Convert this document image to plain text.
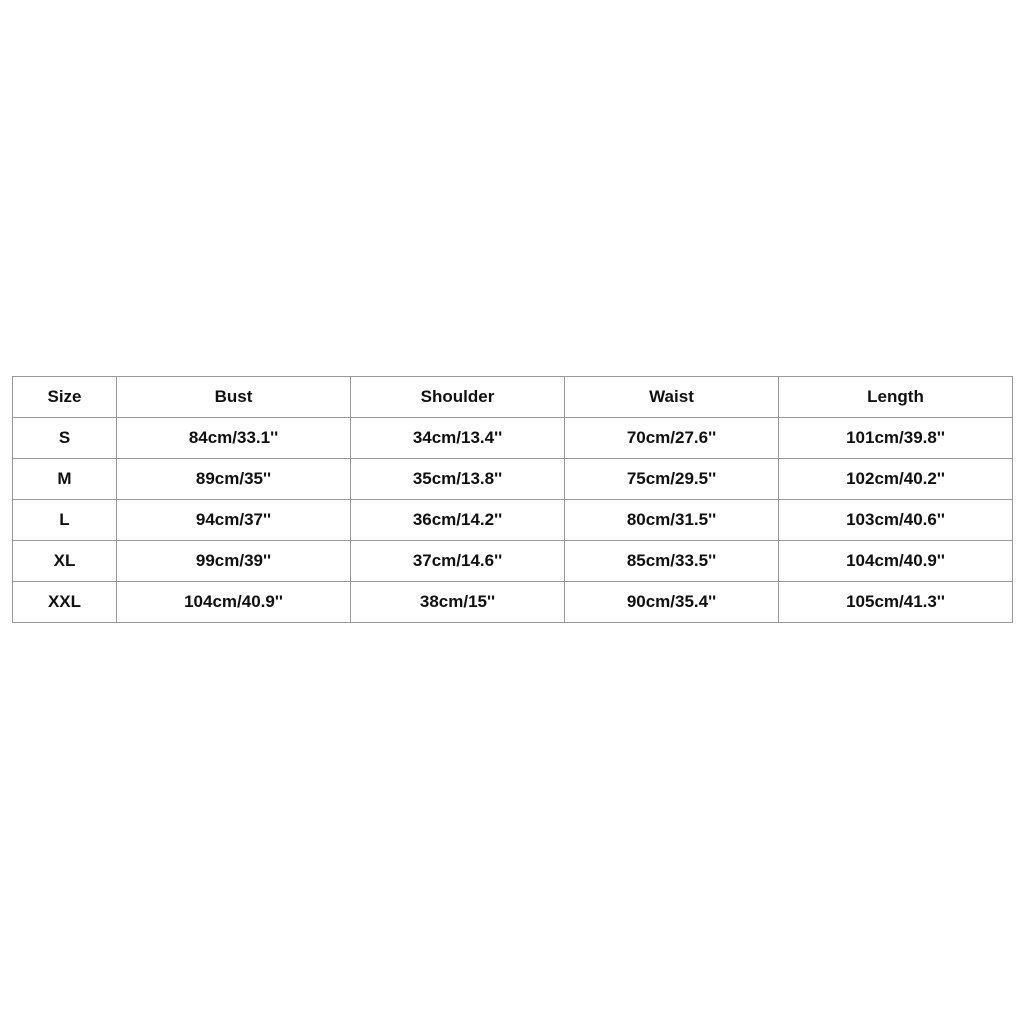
Size	Bust	Shoulder	Waist	Length
S	84cm/33.1''	34cm/13.4''	70cm/27.6''	101cm/39.8''
M	89cm/35''	35cm/13.8''	75cm/29.5''	102cm/40.2''
L	94cm/37''	36cm/14.2''	80cm/31.5''	103cm/40.6''
XL	99cm/39''	37cm/14.6''	85cm/33.5''	104cm/40.9''
XXL	104cm/40.9''	38cm/15''	90cm/35.4''	105cm/41.3''
